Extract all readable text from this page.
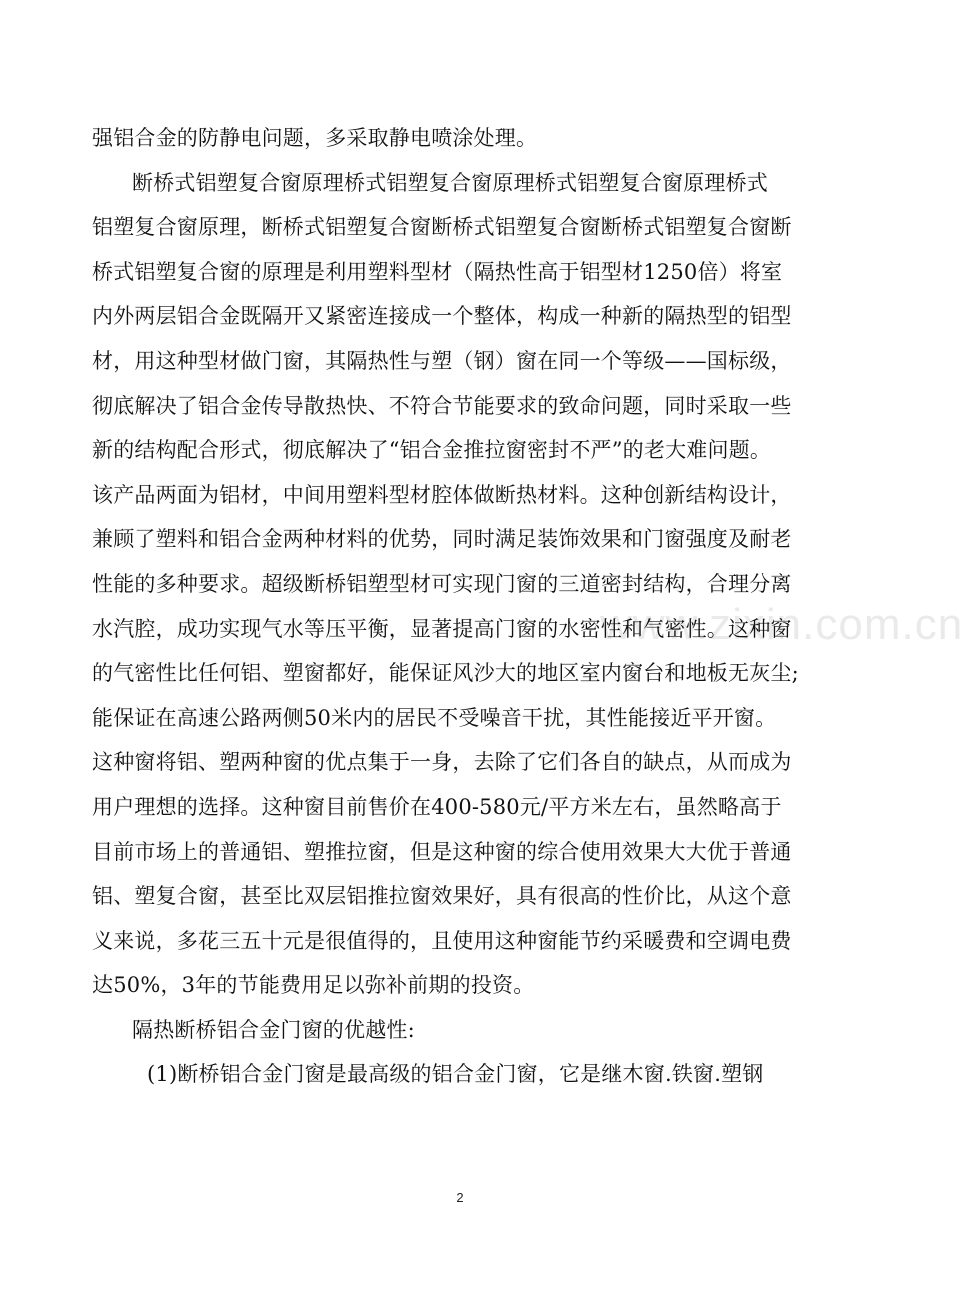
www.zixin.com.cn
强铝合金的防静电问题，多采取静电喷涂处理。
断桥式铝塑复合窗原理桥式铝塑复合窗原理桥式铝塑复合窗原理桥式
铝塑复合窗原理，断桥式铝塑复合窗断桥式铝塑复合窗断桥式铝塑复合窗断
桥式铝塑复合窗的原理是利用塑料型材（隔热性高于铝型材1250倍）将室
内外两层铝合金既隔开又紧密连接成一个整体，构成一种新的隔热型的铝型
材，用这种型材做门窗，其隔热性与塑（钢）窗在同一个等级——国标级，
彻底解决了铝合金传导散热快、不符合节能要求的致命问题，同时采取一些
新的结构配合形式，彻底解决了“铝合金推拉窗密封不严”的老大难问题。
该产品两面为铝材，中间用塑料型材腔体做断热材料。这种创新结构设计，
兼顾了塑料和铝合金两种材料的优势，同时满足装饰效果和门窗强度及耐老
性能的多种要求。超级断桥铝塑型材可实现门窗的三道密封结构，合理分离
水汽腔，成功实现气水等压平衡，显著提高门窗的水密性和气密性。这种窗
的气密性比任何铝、塑窗都好，能保证风沙大的地区室内窗台和地板无灰尘;
能保证在高速公路两侧50米内的居民不受噪音干扰，其性能接近平开窗。
这种窗将铝、塑两种窗的优点集于一身，去除了它们各自的缺点，从而成为
用户理想的选择。这种窗目前售价在400-580元/平方米左右，虽然略高于
目前市场上的普通铝、塑推拉窗，但是这种窗的综合使用效果大大优于普通
铝、塑复合窗，甚至比双层铝推拉窗效果好，具有很高的性价比，从这个意
义来说，多花三五十元是很值得的，且使用这种窗能节约采暖费和空调电费
达50%，3年的节能费用足以弥补前期的投资。
隔热断桥铝合金门窗的优越性:
(1)断桥铝合金门窗是最高级的铝合金门窗，它是继木窗.铁窗.塑钢
2
